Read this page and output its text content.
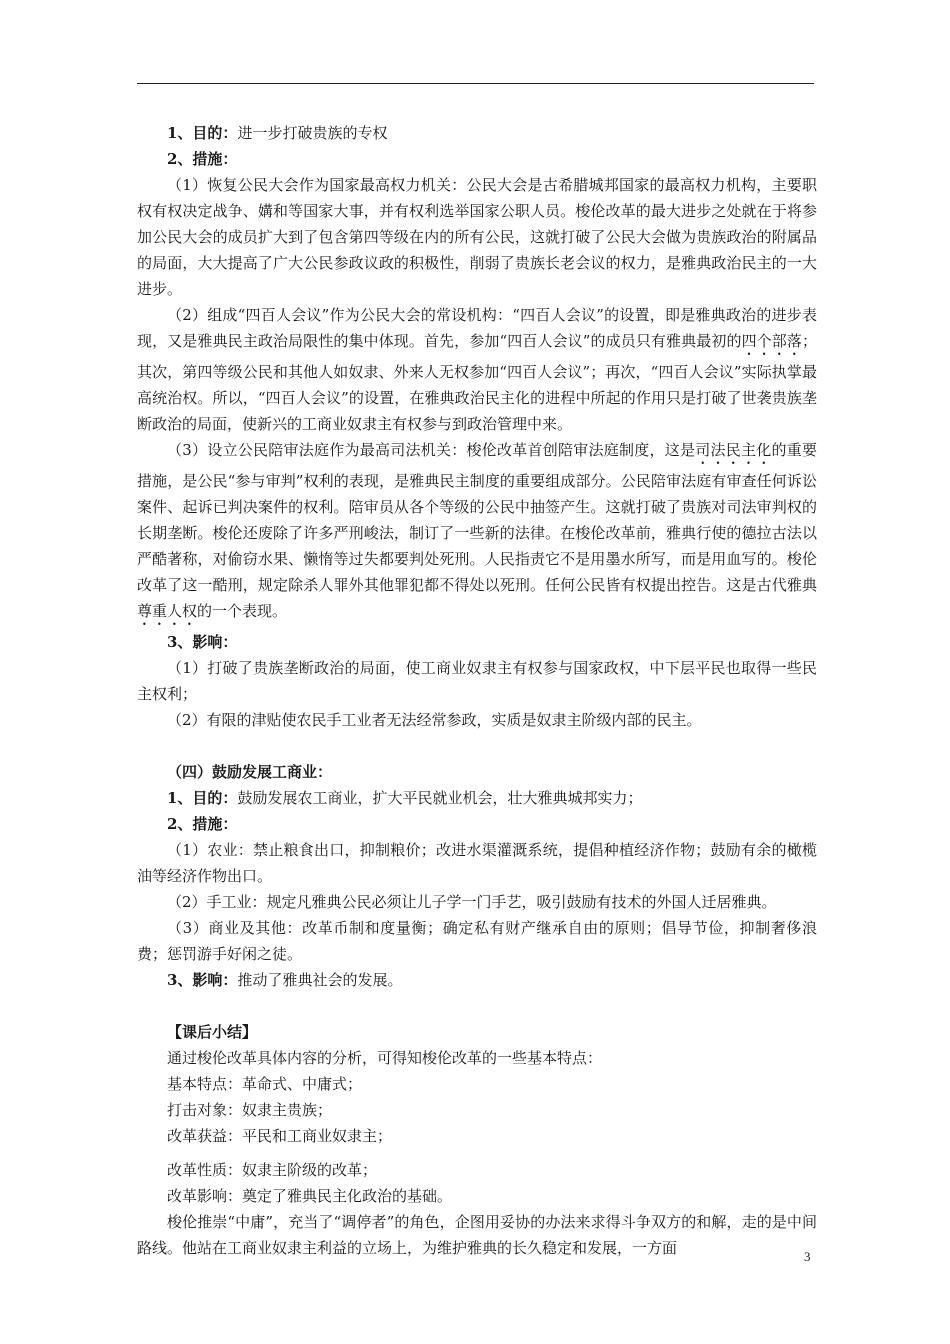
1、目的：进一步打破贵族的专权

2、措施：

（1）恢复公民大会作为国家最高权力机关：公民大会是古希腊城邦国家的最高权力机构，主要职权有权决定战争、媾和等国家大事，并有权利选举国家公职人员。梭伦改革的最大进步之处就在于将参加公民大会的成员扩大到了包含第四等级在内的所有公民，这就打破了公民大会做为贵族政治的附属品的局面，大大提高了广大公民参政议政的积极性，削弱了贵族长老会议的权力，是雅典政治民主的一大进步。

（2）组成“四百人会议”作为公民大会的常设机构：“四百人会议”的设置，即是雅典政治的进步表现，又是雅典民主政治局限性的集中体现。首先，参加“四百人会议”的成员只有雅典最初的四个部落；其次，第四等级公民和其他人如奴隶、外来人无权参加“四百人会议”；再次，“四百人会议”实际执掌最高统治权。所以，“四百人会议”的设置，在雅典政治民主化的进程中所起的作用只是打破了世袭贵族垄断政治的局面，使新兴的工商业奴隶主有权参与到政治管理中来。

（3）设立公民陪审法庭作为最高司法机关：梭伦改革首创陪审法庭制度，这是司法民主化的重要措施，是公民“参与审判”权利的表现，是雅典民主制度的重要组成部分。公民陪审法庭有审查任何诉讼案件、起诉已判决案件的权利。陪审员从各个等级的公民中抽签产生。这就打破了贵族对司法审判权的长期垄断。梭伦还废除了许多严刑峻法，制订了一些新的法律。在梭伦改革前，雅典行使的德拉古法以严酷著称，对偷窃水果、懒惰等过失都要判处死刑。人民指责它不是用墨水所写，而是用血写的。梭伦改革了这一酷刑，规定除杀人罪外其他罪犯都不得处以死刑。任何公民皆有权提出控告。这是古代雅典尊重人权的一个表现。

3、影响：

（1）打破了贵族垄断政治的局面，使工商业奴隶主有权参与国家政权，中下层平民也取得一些民主权利；

（2）有限的津贴使农民手工业者无法经常参政，实质是奴隶主阶级内部的民主。

（四）鼓励发展工商业：

1、目的：鼓励发展农工商业，扩大平民就业机会，壮大雅典城邦实力；

2、措施：

（1）农业：禁止粮食出口，抑制粮价；改进水渠灌溉系统，提倡种植经济作物；鼓励有余的橄榄油等经济作物出口。

（2）手工业：规定凡雅典公民必须让儿子学一门手艺，吸引鼓励有技术的外国人迁居雅典。

（3）商业及其他：改革币制和度量衡；确定私有财产继承自由的原则；倡导节俭，抑制奢侈浪费；惩罚游手好闲之徒。

3、影响：推动了雅典社会的发展。

【课后小结】

通过梭伦改革具体内容的分析，可得知梭伦改革的一些基本特点：

基本特点：革命式、中庸式；

打击对象：奴隶主贵族；

改革获益：平民和工商业奴隶主；

改革性质：奴隶主阶级的改革；

改革影响：奠定了雅典民主化政治的基础。

梭伦推崇“中庸”，充当了“调停者”的角色，企图用妥协的办法来求得斗争双方的和解，走的是中间路线。他站在工商业奴隶主利益的立场上，为维护雅典的长久稳定和发展，一方面	3
